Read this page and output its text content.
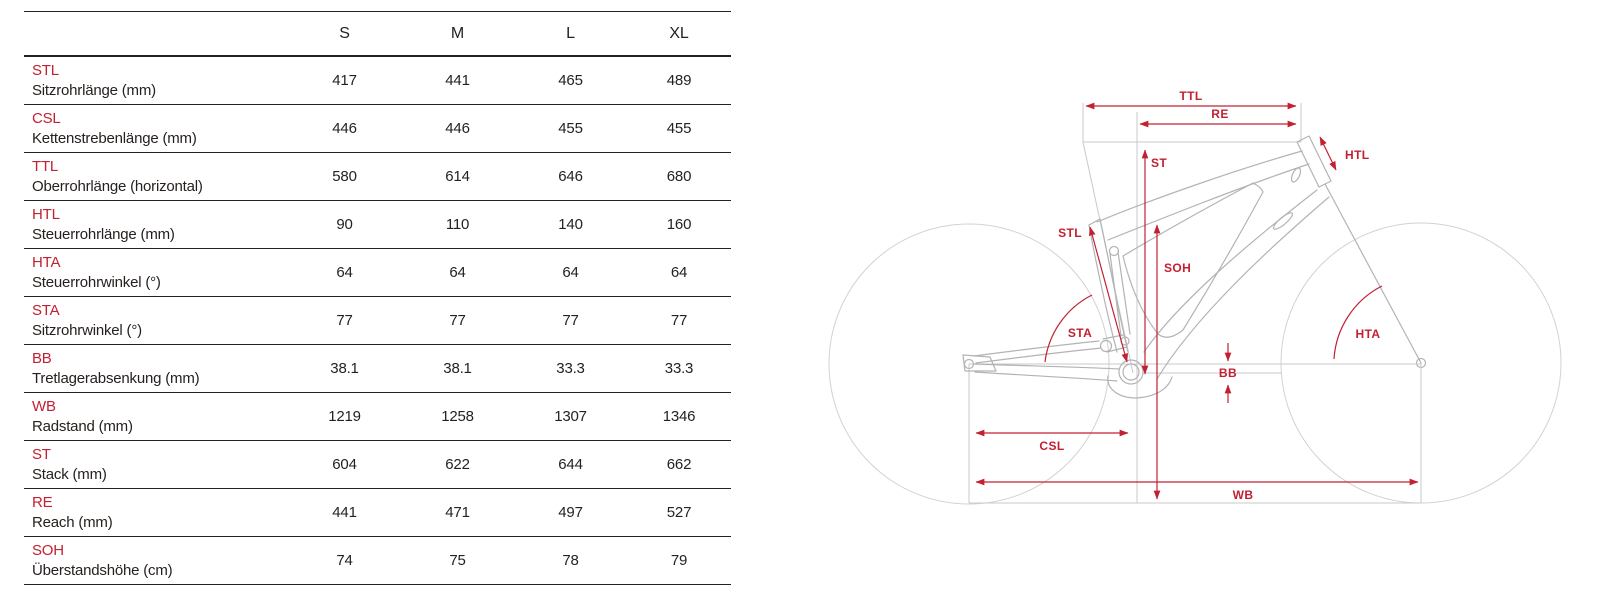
S	M	L	XL
STL
Sitzrohrlänge (mm)
417	441	465	489
CSL
Kettenstrebenlänge (mm)
446	446	455	455
TTL
Oberrohrlänge (horizontal)
580	614	646	680
HTL
Steuerrohrlänge (mm)
90	110	140	160
HTA
Steuerrohrwinkel (°)
64	64	64	64
STA
Sitzrohrwinkel (°)
77	77	77	77
BB
Tretlagerabsenkung (mm)
38.1	38.1	33.3	33.3
WB
Radstand (mm)
1219	1258	1307	1346
ST
Stack (mm)
604	622	644	662
RE
Reach (mm)
441	471	497	527
SOH
Überstandshöhe (cm)
74	75	78	79
TTL
RE
ST
SOH
STL
HTL
BB
CSL
WB
STA	HTA
